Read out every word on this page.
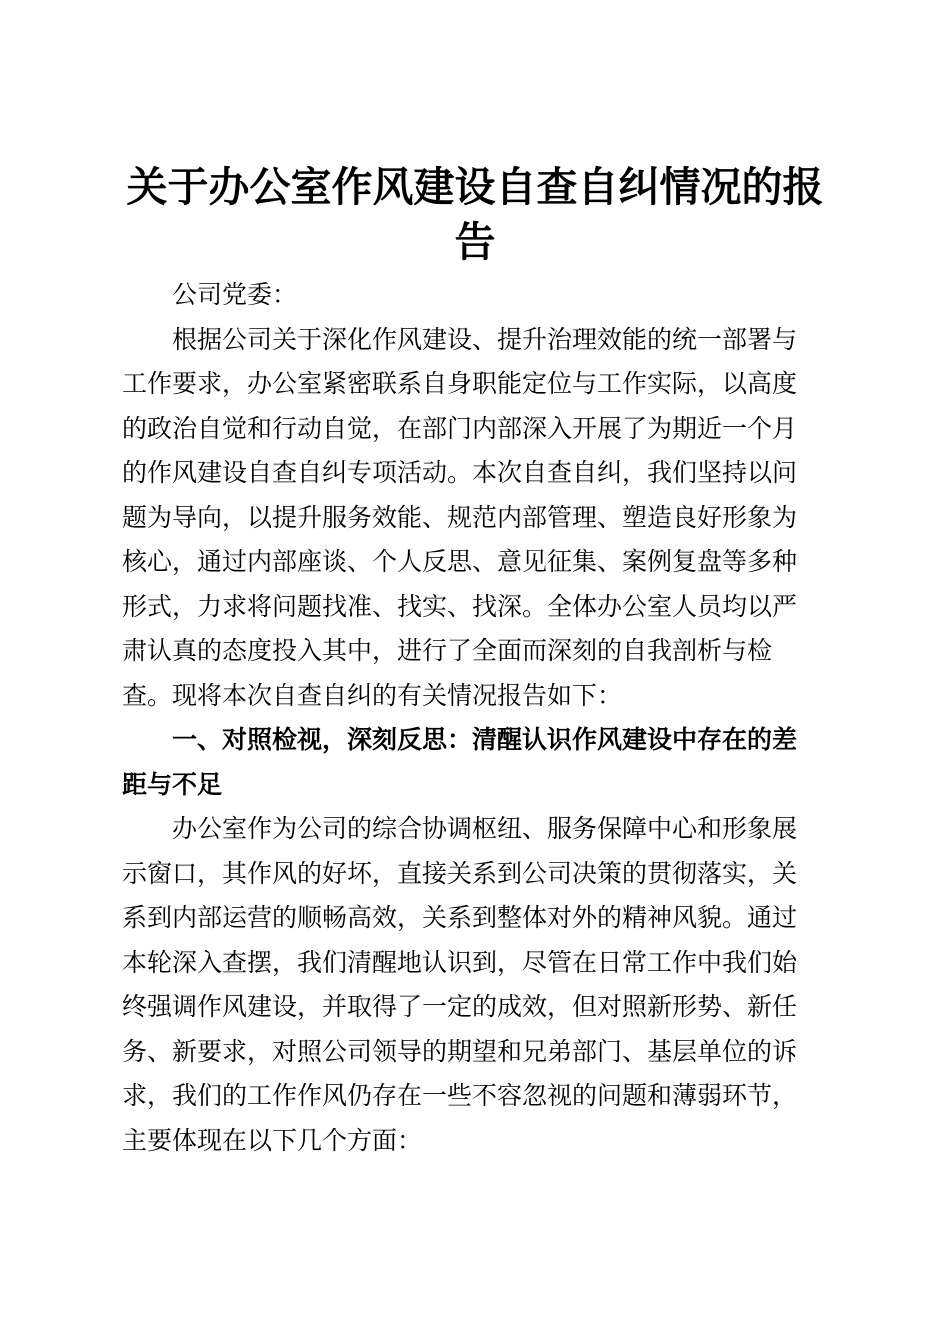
关于办公室作风建设自查自纠情况的报告

公司党委：

根据公司关于深化作风建设、提升治理效能的统一部署与工作要求，办公室紧密联系自身职能定位与工作实际，以高度的政治自觉和行动自觉，在部门内部深入开展了为期近一个月的作风建设自查自纠专项活动。本次自查自纠，我们坚持以问题为导向，以提升服务效能、规范内部管理、塑造良好形象为核心，通过内部座谈、个人反思、意见征集、案例复盘等多种形式，力求将问题找准、找实、找深。全体办公室人员均以严肃认真的态度投入其中，进行了全面而深刻的自我剖析与检查。现将本次自查自纠的有关情况报告如下：

一、对照检视，深刻反思：清醒认识作风建设中存在的差距与不足

办公室作为公司的综合协调枢纽、服务保障中心和形象展示窗口，其作风的好坏，直接关系到公司决策的贯彻落实，关系到内部运营的顺畅高效，关系到整体对外的精神风貌。通过本轮深入查摆，我们清醒地认识到，尽管在日常工作中我们始终强调作风建设，并取得了一定的成效，但对照新形势、新任务、新要求，对照公司领导的期望和兄弟部门、基层单位的诉求，我们的工作作风仍存在一些不容忽视的问题和薄弱环节，主要体现在以下几个方面：
